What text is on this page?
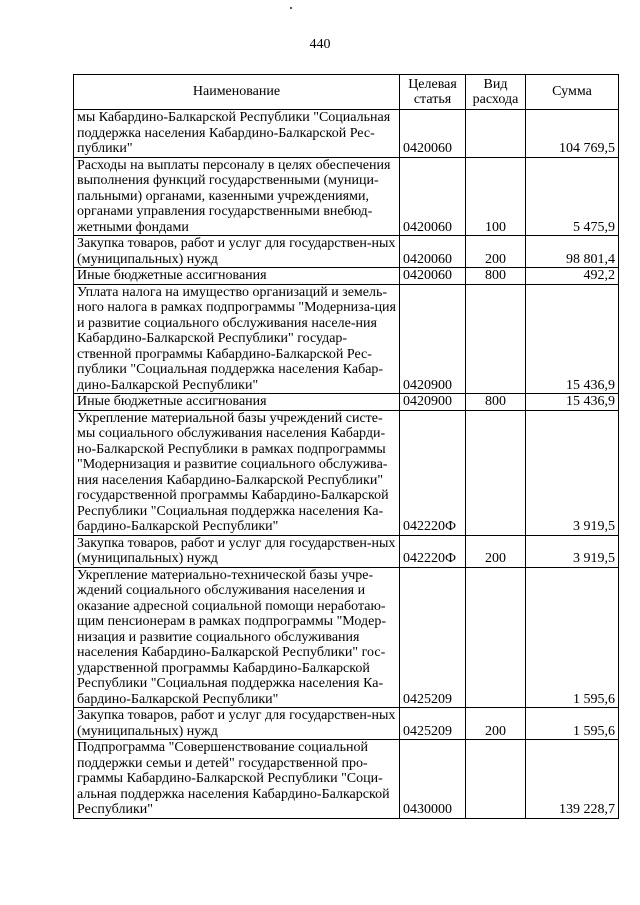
440
Наименование	Целевая статья	Вид расхода	Сумма
мы Кабардино-Балкарской Республики "Социальная поддержка населения Кабардино-Балкарской Рес-публики"	0420060		104 769,5
Расходы на выплаты персоналу в целях обеспечения выполнения функций государственными (муници-пальными) органами, казенными учреждениями, органами управления государственными внебюд-жетными фондами	0420060	100	5 475,9
Закупка товаров, работ и услуг для государствен-ных (муниципальных) нужд	0420060	200	98 801,4
Иные бюджетные ассигнования	0420060	800	492,2
Уплата налога на имущество организаций и земель-ного налога в рамках подпрограммы "Модерниза-ция и развитие социального обслуживания населе-ния Кабардино-Балкарской Республики" государ-ственной программы Кабардино-Балкарской Рес-публики "Социальная поддержка населения Кабар-дино-Балкарской Республики"	0420900		15 436,9
Иные бюджетные ассигнования	0420900	800	15 436,9
Укрепление материальной базы учреждений систе-мы социального обслуживания населения Кабарди-но-Балкарской Республики в рамках подпрограммы "Модернизация и развитие социального обслужива-ния населения Кабардино-Балкарской Республики" государственной программы Кабардино-Балкарской Республики "Социальная поддержка населения Ка-бардино-Балкарской Республики"	042220Ф		3 919,5
Закупка товаров, работ и услуг для государствен-ных (муниципальных) нужд	042220Ф	200	3 919,5
Укрепление материально-технической базы учре-ждений социального обслуживания населения и оказание адресной социальной помощи неработаю-щим пенсионерам в рамках подпрограммы "Модер-низация и развитие социального обслуживания населения Кабардино-Балкарской Республики" гос-ударственной программы Кабардино-Балкарской Республики "Социальная поддержка населения Ка-бардино-Балкарской Республики"	0425209		1 595,6
Закупка товаров, работ и услуг для государствен-ных (муниципальных) нужд	0425209	200	1 595,6
Подпрограмма "Совершенствование социальной поддержки семьи и детей" государственной про-граммы Кабардино-Балкарской Республики "Соци-альная поддержка населения Кабардино-Балкарской Республики"	0430000		139 228,7
